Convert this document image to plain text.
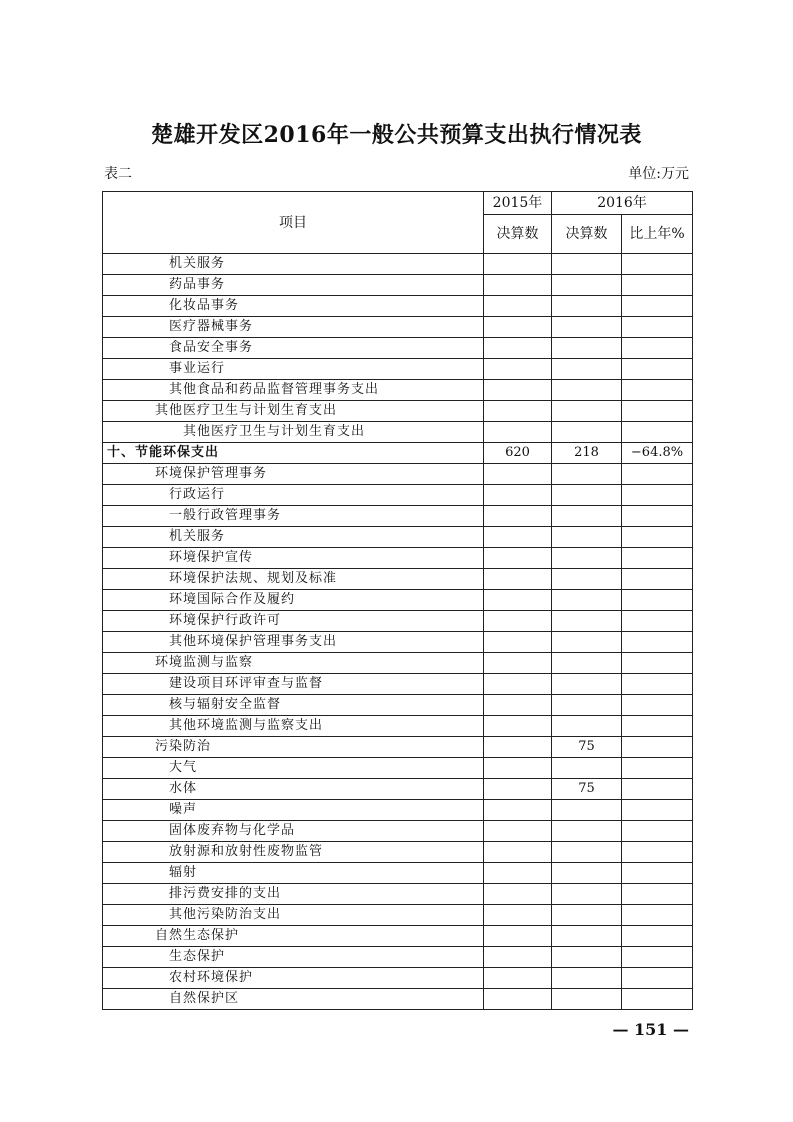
楚雄开发区2016年一般公共预算支出执行情况表
表二	单位:万元
项目	2015年	2016年	
	决算数	决算数	比上年%
机关服务			
药品事务			
化妆品事务			
医疗器械事务			
食品安全事务			
事业运行			
其他食品和药品监督管理事务支出			
其他医疗卫生与计划生育支出			
其他医疗卫生与计划生育支出			
十、节能环保支出	620	218	−64.8%
环境保护管理事务			
行政运行			
一般行政管理事务			
机关服务			
环境保护宣传			
环境保护法规、规划及标准			
环境国际合作及履约			
环境保护行政许可			
其他环境保护管理事务支出			
环境监测与监察			
建设项目环评审查与监督			
核与辐射安全监督			
其他环境监测与监察支出			
污染防治		75	
大气			
水体		75	
噪声			
固体废弃物与化学品			
放射源和放射性废物监管			
辐射			
排污费安排的支出			
其他污染防治支出			
自然生态保护			
生态保护			
农村环境保护			
自然保护区			
— 151 —
